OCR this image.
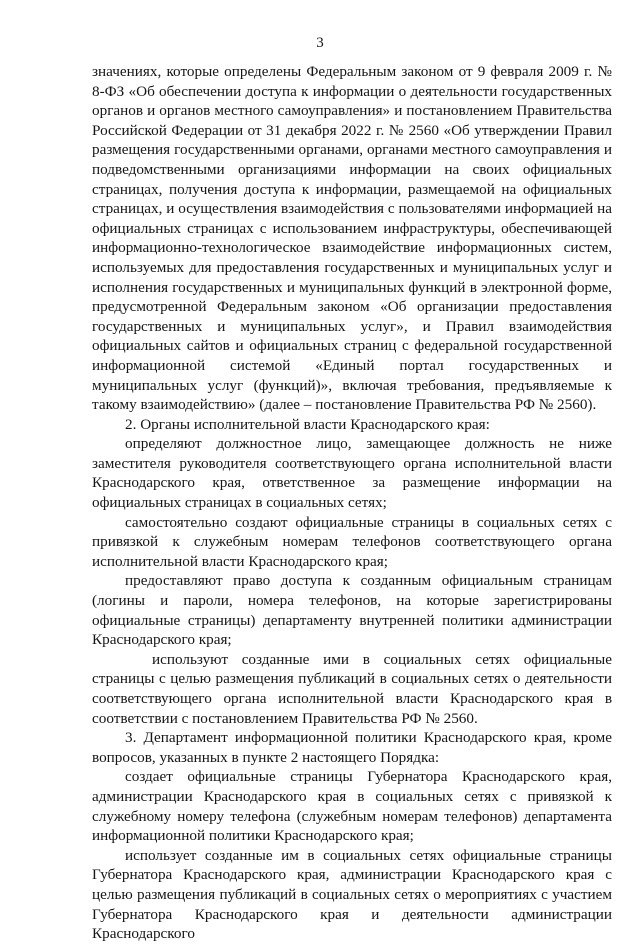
3

значениях, которые определены Федеральным законом от 9 февраля 2009 г. № 8-ФЗ «Об обеспечении доступа к информации о деятельности государственных органов и органов местного самоуправления» и постановлением Правительства Российской Федерации от 31 декабря 2022 г. № 2560 «Об утверждении Правил размещения государственными органами, органами местного самоуправления и подведомственными организациями информации на своих официальных страницах, получения доступа к информации, размещаемой на официальных страницах, и осуществления взаимодействия с пользователями информацией на официальных страницах с использованием инфраструктуры, обеспечивающей информационно-технологическое взаимодействие информационных систем, используемых для предоставления государственных и муниципальных услуг и исполнения государственных и муниципальных функций в электронной форме, предусмотренной Федеральным законом «Об организации предоставления государственных и муниципальных услуг», и Правил взаимодействия официальных сайтов и официальных страниц с федеральной государственной информационной системой «Единый портал государственных и муниципальных услуг (функций)», включая требования, предъявляемые к такому взаимодействию» (далее – постановление Правительства РФ № 2560).

2. Органы исполнительной власти Краснодарского края:

определяют должностное лицо, замещающее должность не ниже заместителя руководителя соответствующего органа исполнительной власти Краснодарского края, ответственное за размещение информации на официальных страницах в социальных сетях;

самостоятельно создают официальные страницы в социальных сетях с привязкой к служебным номерам телефонов соответствующего органа исполнительной власти Краснодарского края;

предоставляют право доступа к созданным официальным страницам (логины и пароли, номера телефонов, на которые зарегистрированы официальные страницы) департаменту внутренней политики администрации Краснодарского края;

используют созданные ими в социальных сетях официальные страницы с целью размещения публикаций в социальных сетях о деятельности соответствующего органа исполнительной власти Краснодарского края в соответствии с постановлением Правительства РФ № 2560.

3. Департамент информационной политики Краснодарского края, кроме вопросов, указанных в пункте 2 настоящего Порядка:

создает официальные страницы Губернатора Краснодарского края, администрации Краснодарского края в социальных сетях с привязкой к служебному номеру телефона (служебным номерам телефонов) департамента информационной политики Краснодарского края;

использует созданные им в социальных сетях официальные страницы Губернатора Краснодарского края, администрации Краснодарского края с целью размещения публикаций в социальных сетях о мероприятиях с участием Губернатора Краснодарского края и деятельности администрации Краснодарского
